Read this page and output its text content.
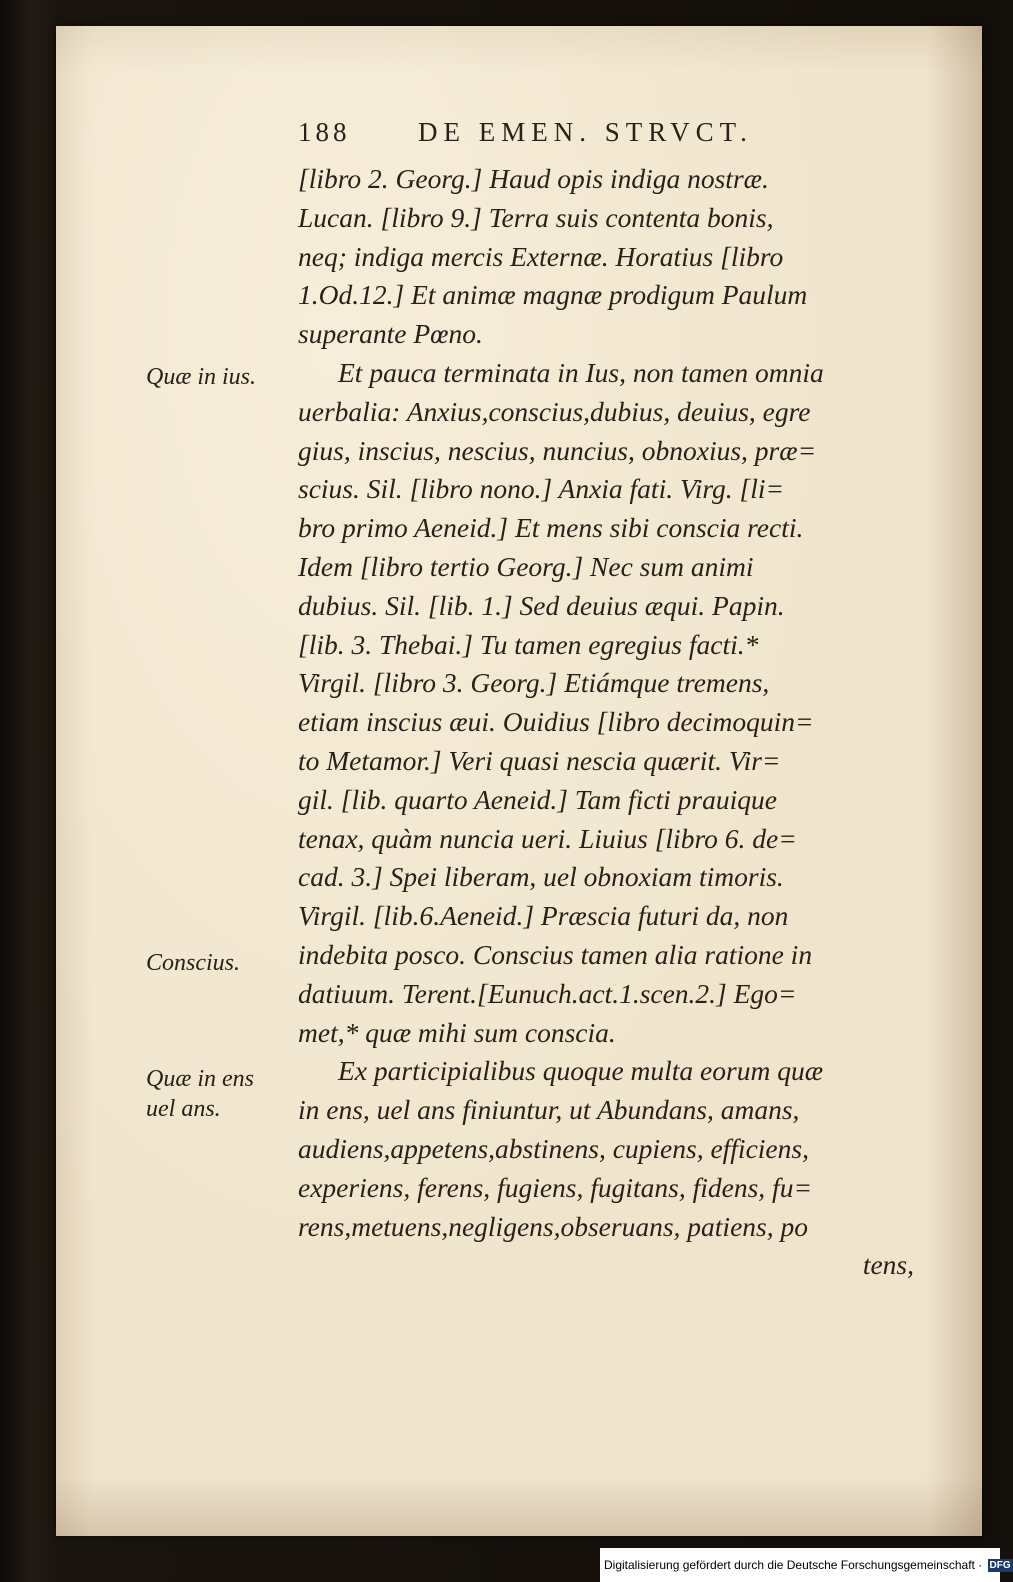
188	DE EMEN. STRVCT.
[libro 2. Georg.] Haud opis indiga nostræ.
Lucan. [libro 9.] Terra suis contenta bonis,
neq; indiga mercis Externæ. Horatius [libro
1.Od.12.] Et animæ magnæ prodigum Paulum
superante Pœno.
Et pauca terminata in Ius, non tamen omnia
uerbalia: Anxius,conscius,dubius, deuius, egre
gius, inscius, nescius, nuncius, obnoxius, præ=
scius. Sil. [libro nono.] Anxia fati. Virg. [li=
bro primo Aeneid.] Et mens sibi conscia recti.
Idem [libro tertio Georg.] Nec sum animi
dubius. Sil. [lib. 1.] Sed deuius æqui. Papin.
[lib. 3. Thebai.] Tu tamen egregius facti.*
Virgil. [libro 3. Georg.] Etiámque tremens,
etiam inscius æui. Ouidius [libro decimoquin=
to Metamor.] Veri quasi nescia quærit. Vir=
gil. [lib. quarto Aeneid.] Tam ficti prauique
tenax, quàm nuncia ueri. Liuius [libro 6. de=
cad. 3.] Spei liberam, uel obnoxiam timoris.
Virgil. [lib.6.Aeneid.] Præscia futuri da, non
indebita posco. Conscius tamen alia ratione in
datiuum. Terent.[Eunuch.act.1.scen.2.] Ego=
met,* quæ mihi sum conscia.
Ex participialibus quoque multa eorum quæ
in ens, uel ans finiuntur, ut Abundans, amans,
audiens,appetens,abstinens, cupiens, efficiens,
experiens, ferens, fugiens, fugitans, fidens, fu=
rens,metuens,negligens,obseruans, patiens, po
tens,
Quæ in ius.
Conscius.
Quæ in ens
uel ans.
Digitalisierung gefördert durch die Deutsche Forschungsgemeinschaft · DFG
